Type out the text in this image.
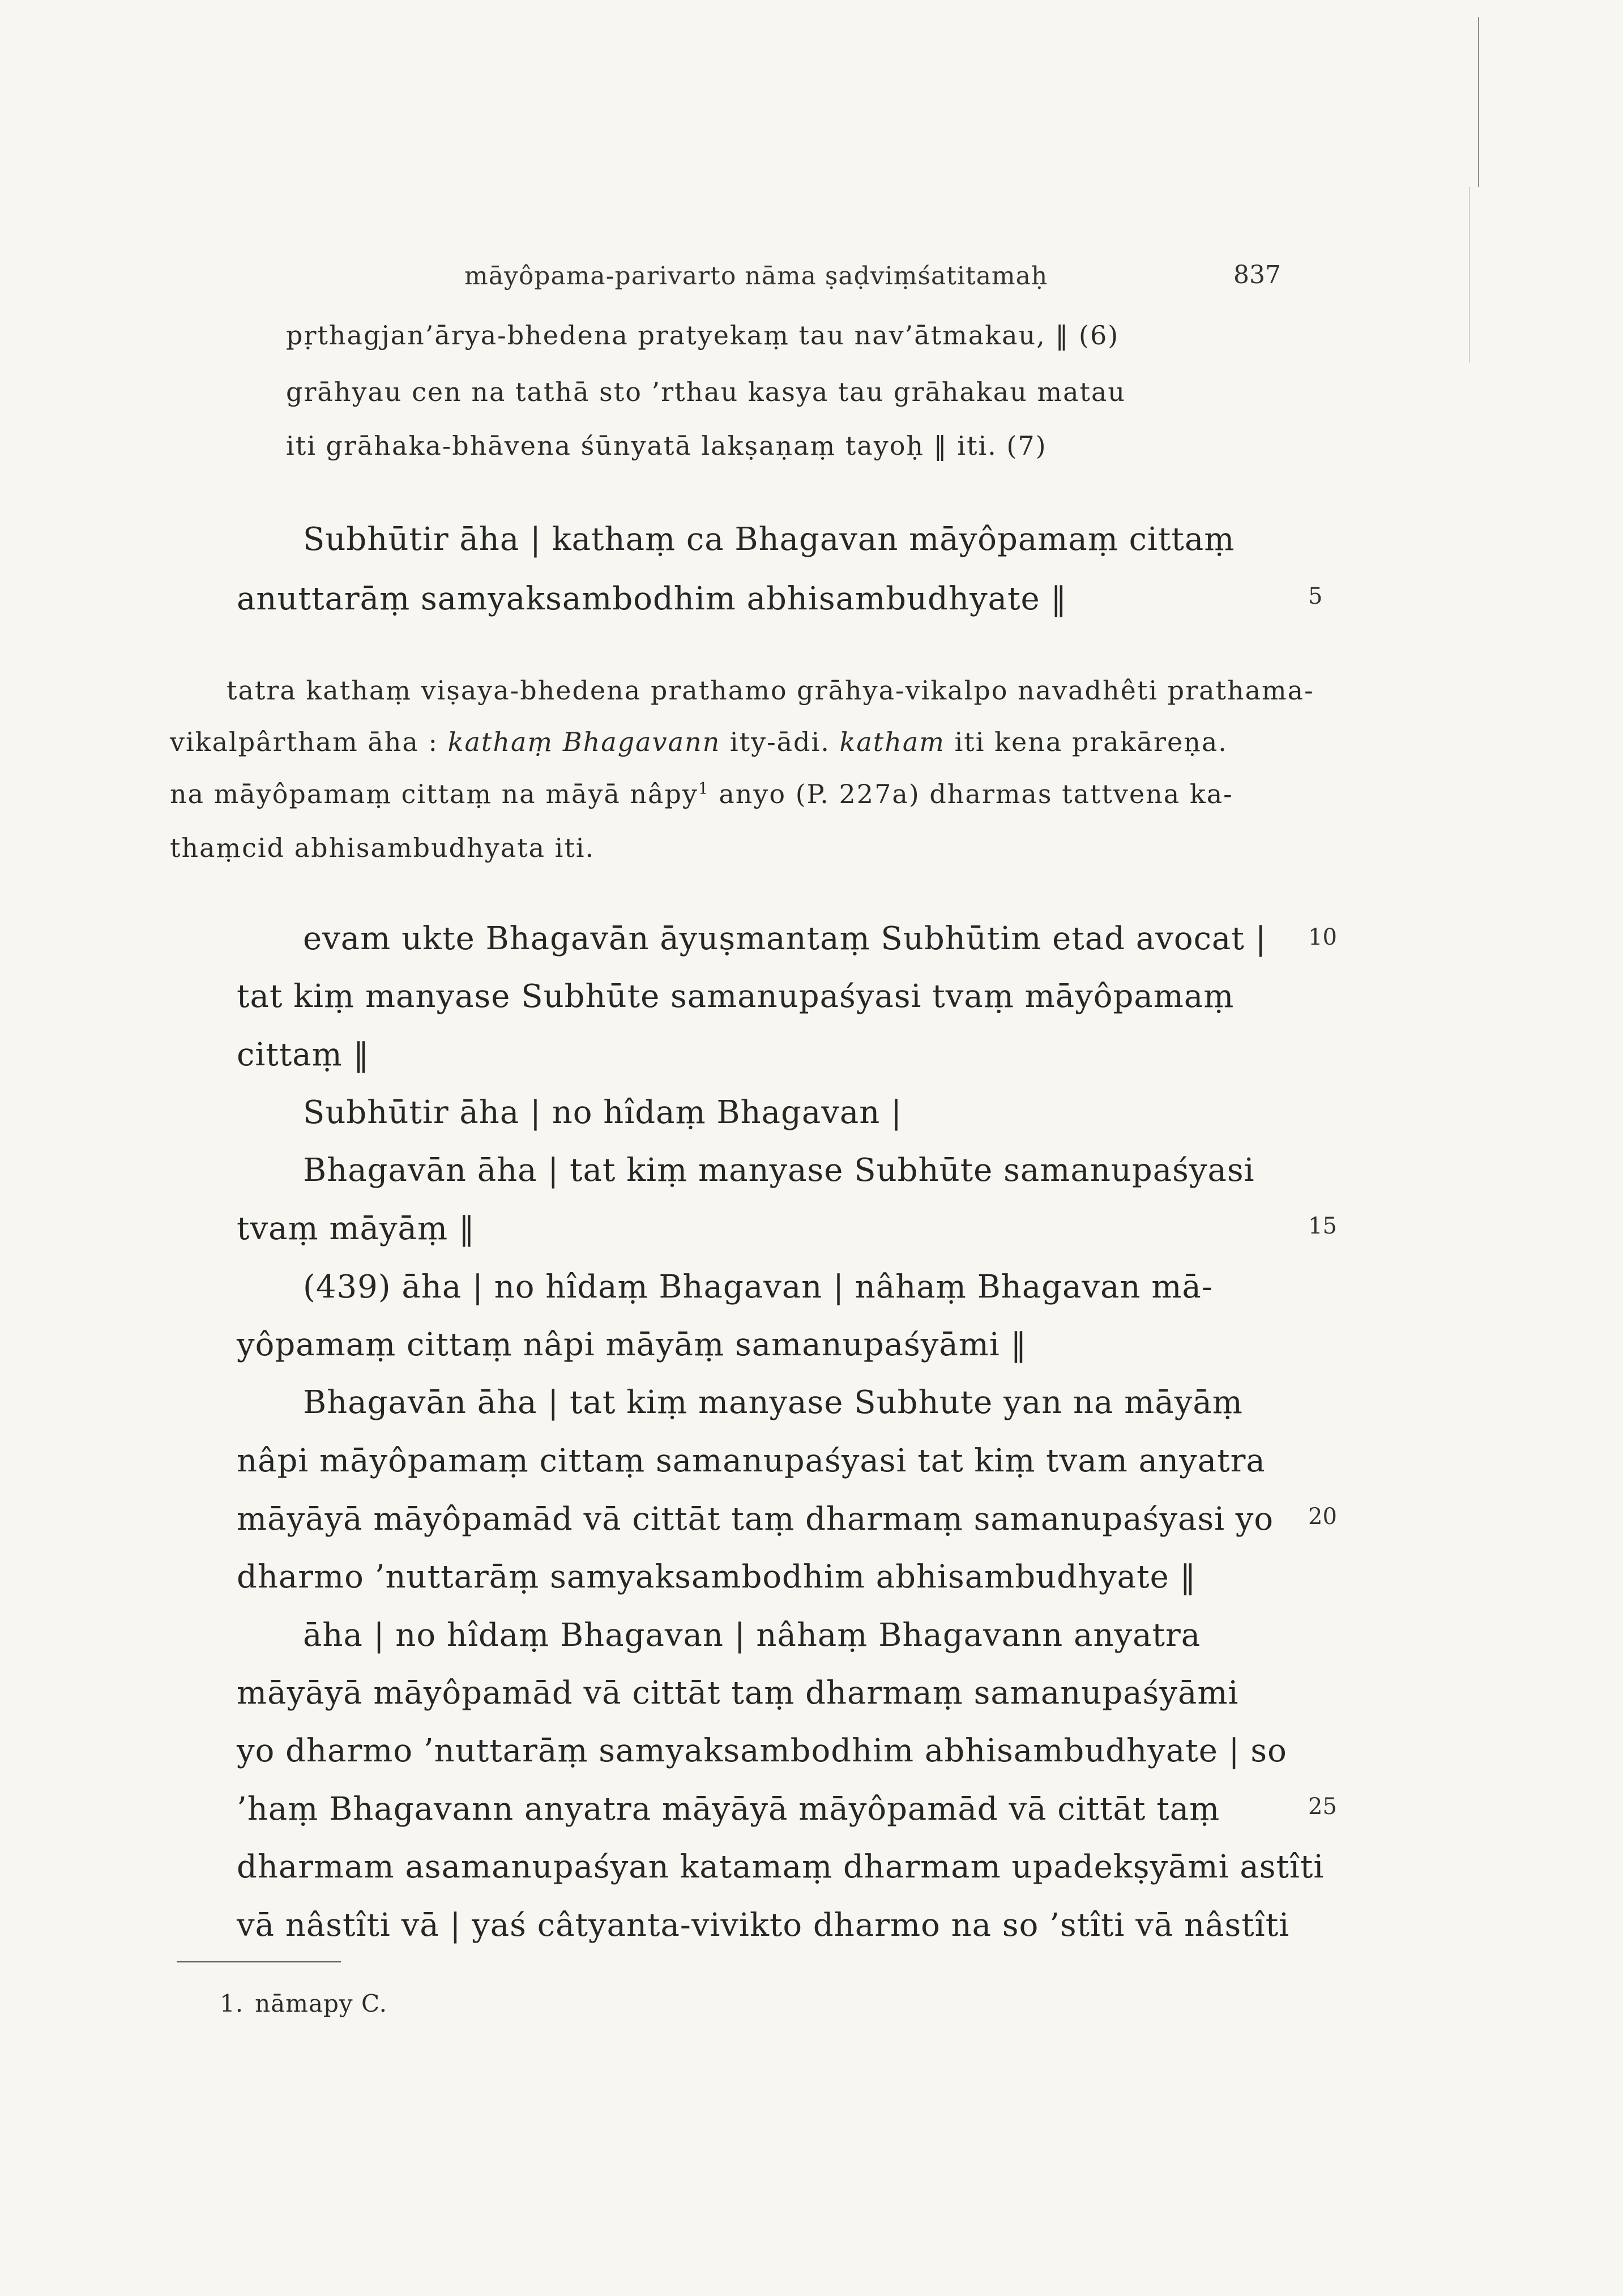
māyôpama-parivarto nāma ṣaḍviṃśatitamaḥ	837
pṛthagjan’ārya-bhedena pratyekaṃ tau nav’ātmakau, ‖ (6)
grāhyau cen na tathā sto ’rthau kasya tau grāhakau matau
iti grāhaka-bhāvena śūnyatā lakṣaṇaṃ tayoḥ ‖ iti. (7)
Subhūtir āha | kathaṃ ca Bhagavan māyôpamaṃ cittaṃ
anuttarāṃ samyaksambodhim abhisambudhyate ‖	5
tatra kathaṃ viṣaya-bhedena prathamo grāhya-vikalpo navadhêti prathama-
vikalpârtham āha : kathaṃ Bhagavann ity-ādi. katham iti kena prakāreṇa.
na māyôpamaṃ cittaṃ na māyā nâpy$^1$ anyo (P. 227a) dharmas tattvena ka-
thaṃcid abhisambudhyata iti.
evam ukte Bhagavān āyuṣmantaṃ Subhūtim etad avocat | 10
tat kiṃ manyase Subhūte samanupaśyasi tvaṃ māyôpamaṃ
cittaṃ ‖
Subhūtir āha | no hîdaṃ Bhagavan |
Bhagavān āha | tat kiṃ manyase Subhūte samanupaśyasi
tvaṃ māyāṃ ‖	15
(439) āha | no hîdaṃ Bhagavan | nâhaṃ Bhagavan mā-
yôpamaṃ cittaṃ nâpi māyāṃ samanupaśyāmi ‖
Bhagavān āha | tat kiṃ manyase Subhute yan na māyāṃ
nâpi māyôpamaṃ cittaṃ samanupaśyasi tat kiṃ tvam anyatra
māyāyā māyôpamād vā cittāt taṃ dharmaṃ samanupaśyasi yo 20
dharmo ’nuttarāṃ samyaksambodhim abhisambudhyate ‖
āha | no hîdaṃ Bhagavan | nâhaṃ Bhagavann anyatra
māyāyā māyôpamād vā cittāt taṃ dharmaṃ samanupaśyāmi
yo dharmo ’nuttarāṃ samyaksambodhim abhisambudhyate | so
’haṃ Bhagavann anyatra māyāyā māyôpamād vā cittāt taṃ	25
dharmam asamanupaśyan katamaṃ dharmam upadekṣyāmi astîti
vā nâstîti vā | yaś câtyanta-vivikto dharmo na so ’stîti vā nâstîti
1. nāmapy C.
